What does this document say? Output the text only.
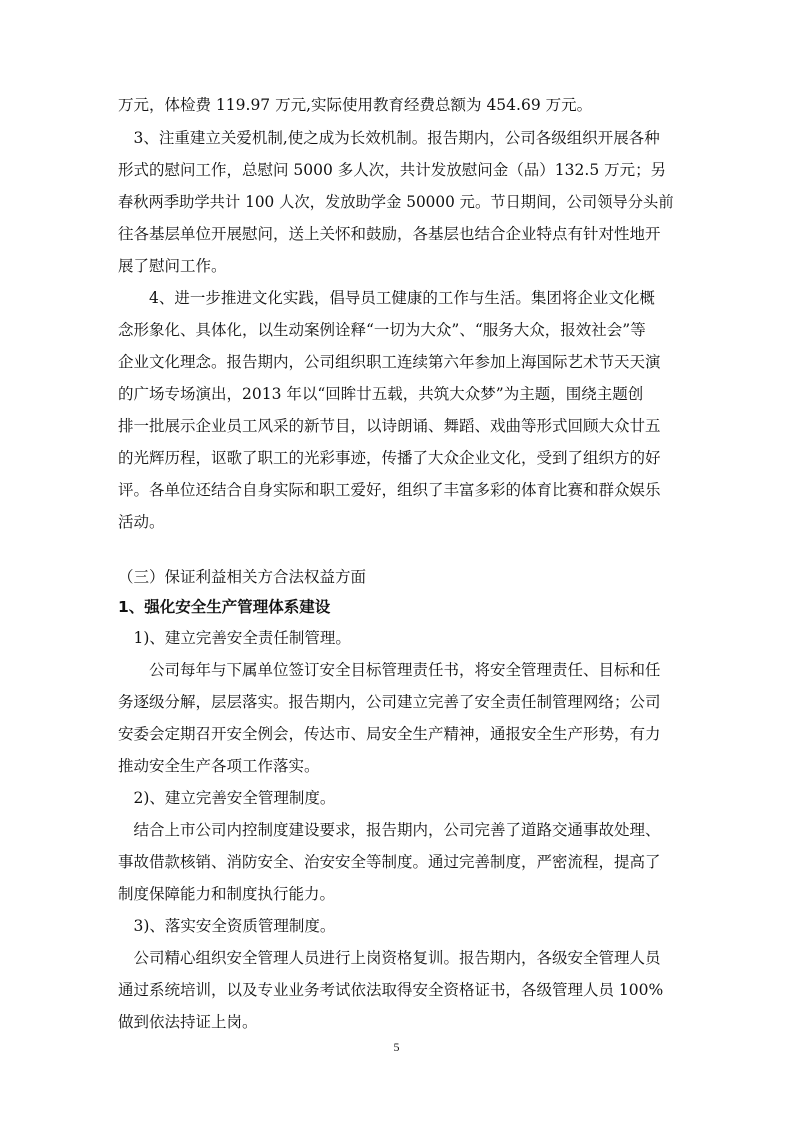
万元，体检费 119.97 万元,实际使用教育经费总额为 454.69 万元。
　3、注重建立关爱机制,使之成为长效机制。报告期内，公司各级组织开展各种
形式的慰问工作，总慰问 5000 多人次，共计发放慰问金（品）132.5 万元；另
春秋两季助学共计 100 人次，发放助学金 50000 元。节日期间，公司领导分头前
往各基层单位开展慰问，送上关怀和鼓励，各基层也结合企业特点有针对性地开
展了慰问工作。
　　4、进一步推进文化实践，倡导员工健康的工作与生活。集团将企业文化概
念形象化、具体化，以生动案例诠释“一切为大众”、“服务大众，报效社会”等
企业文化理念。报告期内，公司组织职工连续第六年参加上海国际艺术节天天演
的广场专场演出，2013 年以“回眸廿五载，共筑大众梦”为主题，围绕主题创
排一批展示企业员工风采的新节目，以诗朗诵、舞蹈、戏曲等形式回顾大众廿五
的光辉历程，讴歌了职工的光彩事迹，传播了大众企业文化，受到了组织方的好
评。各单位还结合自身实际和职工爱好，组织了丰富多彩的体育比赛和群众娱乐
活动。
（三）保证利益相关方合法权益方面
1、强化安全生产管理体系建设
　1)、建立完善安全责任制管理。
　　公司每年与下属单位签订安全目标管理责任书，将安全管理责任、目标和任
务逐级分解，层层落实。报告期内，公司建立完善了安全责任制管理网络；公司
安委会定期召开安全例会，传达市、局安全生产精神，通报安全生产形势，有力
推动安全生产各项工作落实。
　2)、建立完善安全管理制度。
　结合上市公司内控制度建设要求，报告期内，公司完善了道路交通事故处理、
事故借款核销、消防安全、治安安全等制度。通过完善制度，严密流程，提高了
制度保障能力和制度执行能力。
　3)、落实安全资质管理制度。
　公司精心组织安全管理人员进行上岗资格复训。报告期内，各级安全管理人员
通过系统培训，以及专业业务考试依法取得安全资格证书，各级管理人员 100%
做到依法持证上岗。
5
